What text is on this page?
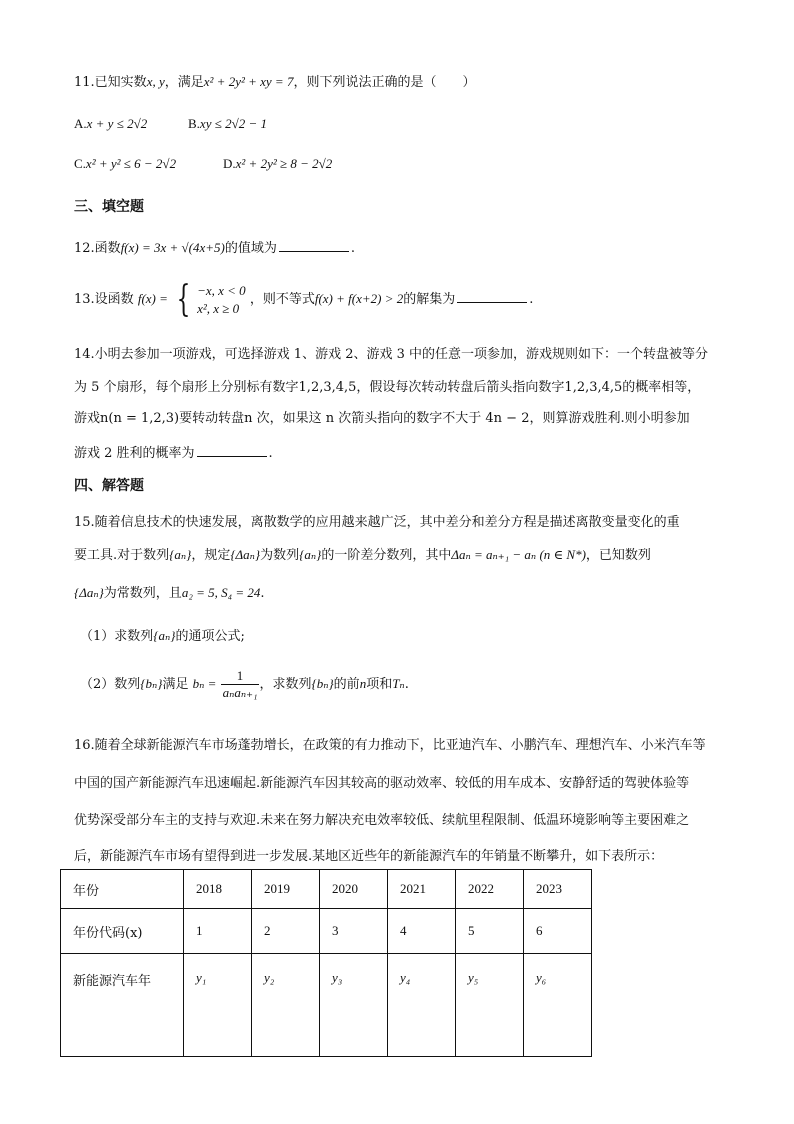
11.已知实数x, y，满足x² + 2y² + xy = 7，则下列说法正确的是（　　）
A.x + y ≤ 2√2	B.xy ≤ 2√2 − 1
C.x² + y² ≤ 6 − 2√2	D.x² + 2y² ≥ 8 − 2√2
三、填空题
12.函数f(x) = 3x + √(4x+5)的值域为	.
13.设函数 f(x) = { −x, x < 0
x², x ≥ 0
，则不等式f(x) + f(x+2) > 2的解集为	.
14.小明去参加一项游戏，可选择游戏 1、游戏 2、游戏 3 中的任意一项参加，游戏规则如下：一个转盘被等分
为 5 个扇形，每个扇形上分别标有数字1,2,3,4,5，假设每次转动转盘后箭头指向数字1,2,3,4,5的概率相等，
游戏n(n = 1,2,3)要转动转盘n 次，如果这 n 次箭头指向的数字不大于 4n − 2，则算游戏胜利.则小明参加
游戏 2 胜利的概率为	.
四、解答题
15.随着信息技术的快速发展，离散数学的应用越来越广泛，其中差分和差分方程是描述离散变量变化的重
要工具.对于数列{aₙ}，规定{Δaₙ}为数列{aₙ}的一阶差分数列，其中Δaₙ = aₙ₊₁ − aₙ (n ∈ N*)，已知数列
{Δaₙ}为常数列，且a₂ = 5, S₄ = 24.
（1）求数列{aₙ}的通项公式;
（2）数列{bₙ}满足 $b_n = \frac{1}{\text{aₙaₙ₊₁}}$ ，求数列{bₙ}的前n项和Tₙ.
16.随着全球新能源汽车市场蓬勃增长，在政策的有力推动下，比亚迪汽车、小鹏汽车、理想汽车、小米汽车等
中国的国产新能源汽车迅速崛起.新能源汽车因其较高的驱动效率、较低的用车成本、安静舒适的驾驶体验等
优势深受部分车主的支持与欢迎.未来在努力解决充电效率较低、续航里程限制、低温环境影响等主要困难之
后，新能源汽车市场有望得到进一步发展.某地区近些年的新能源汽车的年销量不断攀升，如下表所示：
年份	2018	2019	2020	2021	2022	2023
年份代码(x)	1	2	3	4	5	6
新能源汽车年	y₁	y₂	y₃	y₄	y₅	y₆
